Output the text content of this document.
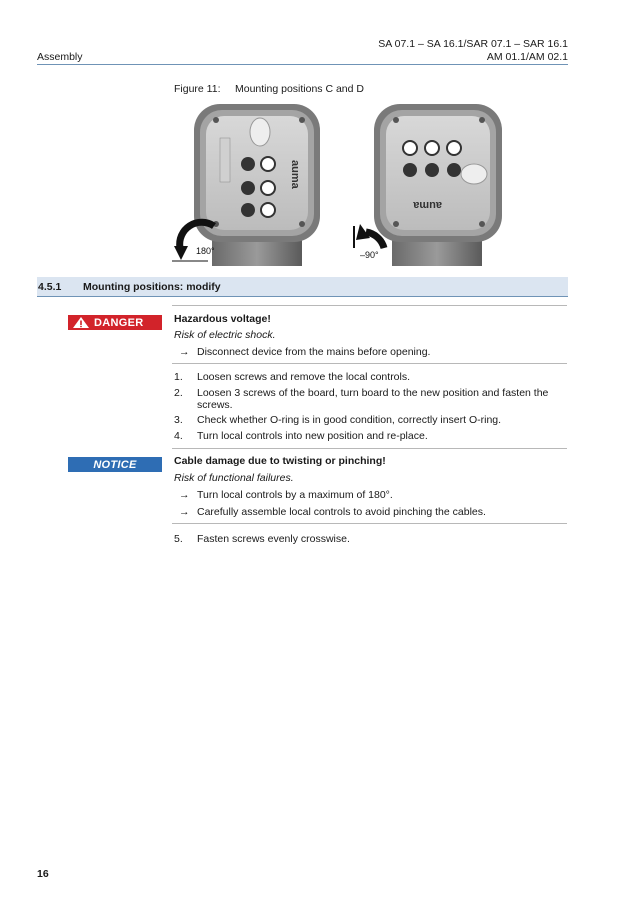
SA 07.1 – SA 16.1/SAR 07.1 – SAR 16.1
AM 01.1/AM 02.1
Assembly
Figure 11: Mounting positions C and D
auma
180°
auma
–90°
4.5.1 Mounting positions: modify
DANGER	Hazardous voltage!
Risk of electric shock.
→ Disconnect device from the mains before opening.
1. Loosen screws and remove the local controls.
2. Loosen 3 screws of the board, turn board to the new position and fasten the
screws.
3. Check whether O-ring is in good condition, correctly insert O-ring.
4. Turn local controls into new position and re-place.
NOTICE	Cable damage due to twisting or pinching!
Risk of functional failures.
→ Turn local controls by a maximum of 180°.
→ Carefully assemble local controls to avoid pinching the cables.
5. Fasten screws evenly crosswise.
16
